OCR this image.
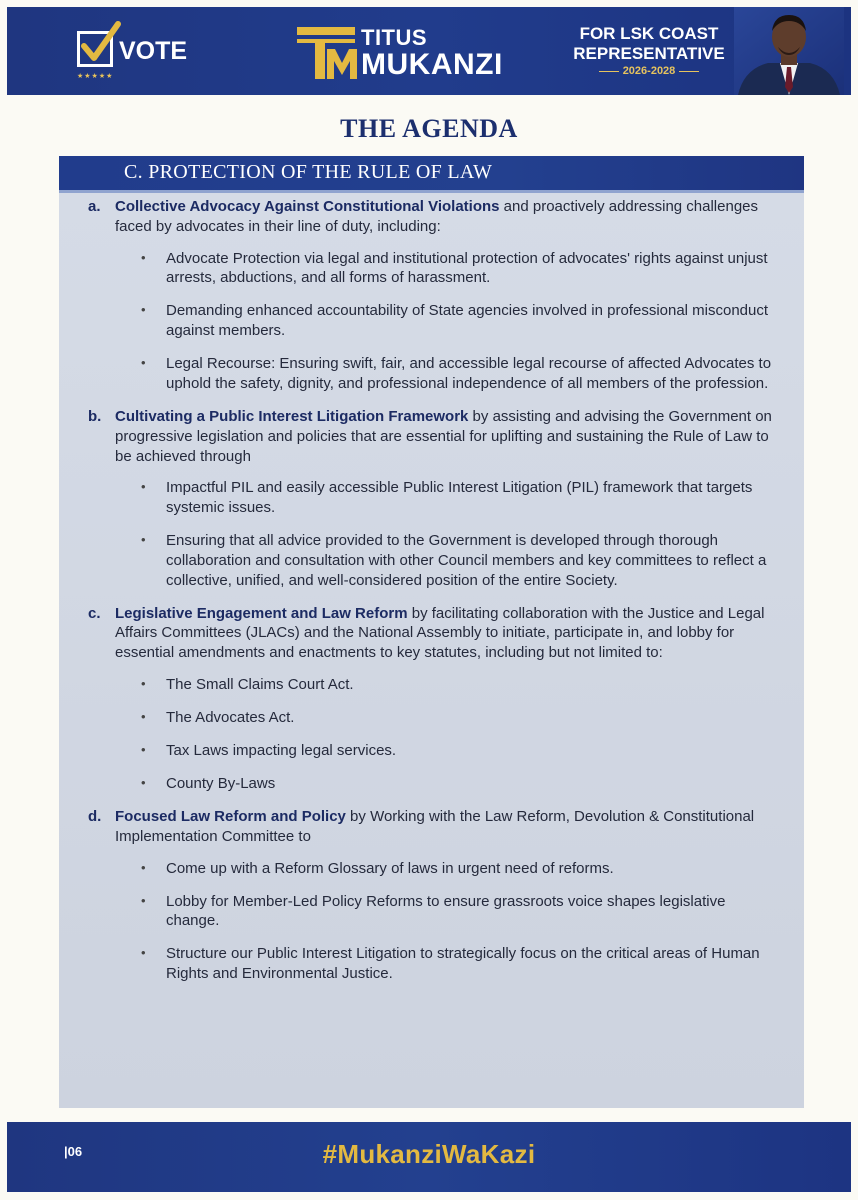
VOTE
★★★★★
TITUS
MUKANZI
FOR LSK COAST
REPRESENTATIVE
2026-2028
THE AGENDA
C. PROTECTION OF THE RULE OF LAW
a. Collective Advocacy Against Constitutional Violations and proactively addressing challenges faced by advocates in their line of duty, including:
• Advocate Protection via legal and institutional protection of advocates' rights against unjust arrests, abductions, and all forms of harassment.
• Demanding enhanced accountability of State agencies involved in professional misconduct against members.
• Legal Recourse: Ensuring swift, fair, and accessible legal recourse of affected Advocates to uphold the safety, dignity, and professional independence of all members of the profession.
b. Cultivating a Public Interest Litigation Framework by assisting and advising the Government on progressive legislation and policies that are essential for uplifting and sustaining the Rule of Law to be achieved through
• Impactful PIL and easily accessible Public Interest Litigation (PIL) framework that targets systemic issues.
• Ensuring that all advice provided to the Government is developed through thorough collaboration and consultation with other Council members and key committees to reflect a collective, unified, and well-considered position of the entire Society.
c. Legislative Engagement and Law Reform by facilitating collaboration with the Justice and Legal Affairs Committees (JLACs) and the National Assembly to initiate, participate in, and lobby for essential amendments and enactments to key statutes, including but not limited to:
• The Small Claims Court Act.
• The Advocates Act.
• Tax Laws impacting legal services.
• County By-Laws
d. Focused Law Reform and Policy by Working with the Law Reform, Devolution & Constitutional Implementation Committee to
• Come up with a Reform Glossary of laws in urgent need of reforms.
• Lobby for Member-Led Policy Reforms to ensure grassroots voice shapes legislative change.
• Structure our Public Interest Litigation to strategically focus on the critical areas of Human Rights and Environmental Justice.
|06	#MukanziWaKazi
